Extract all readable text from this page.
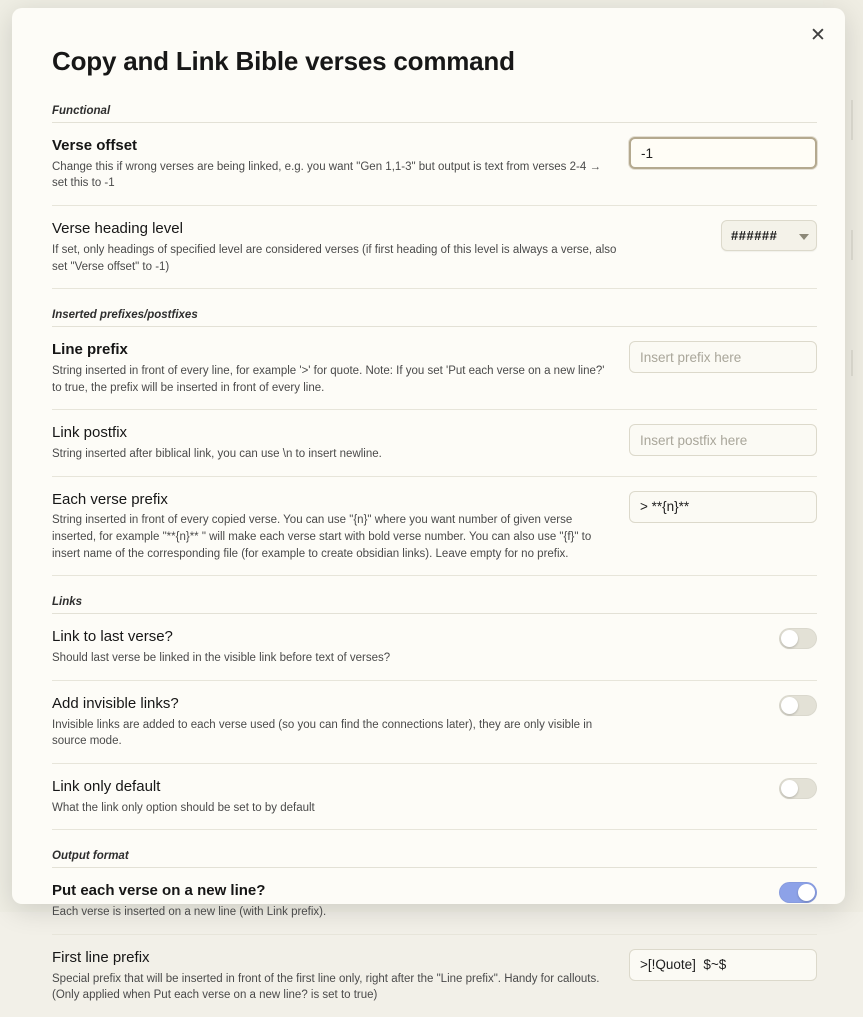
✕
Copy and Link Bible verses command
Functional
Verse offset
Change this if wrong verses are being linked, e.g. you want "Gen 1,1-3" but output is text from verses 2-4 → set this to -1
-1
Verse heading level
If set, only headings of specified level are considered verses (if first heading of this level is always a verse, also set "Verse offset" to -1)
######
Inserted prefixes/postfixes
Line prefix
String inserted in front of every line, for example '>' for quote. Note: If you set 'Put each verse on a new line?' to true, the prefix will be inserted in front of every line.
Insert prefix here
Link postfix
String inserted after biblical link, you can use \n to insert newline.
Insert postfix here
Each verse prefix
String inserted in front of every copied verse. You can use "{n}" where you want number of given verse inserted, for example "**{n}** " will make each verse start with bold verse number. You can also use "{f}" to insert name of the corresponding file (for example to create obsidian links). Leave empty for no prefix.
> **{n}**
Links
Link to last verse?
Should last verse be linked in the visible link before text of verses?
Add invisible links?
Invisible links are added to each verse used (so you can find the connections later), they are only visible in source mode.
Link only default
What the link only option should be set to by default
Output format
Put each verse on a new line?
Each verse is inserted on a new line (with Link prefix).
First line prefix
Special prefix that will be inserted in front of the first line only, right after the "Line prefix". Handy for callouts. (Only applied when Put each verse on a new line? is set to true)
>[!Quote] $~$
